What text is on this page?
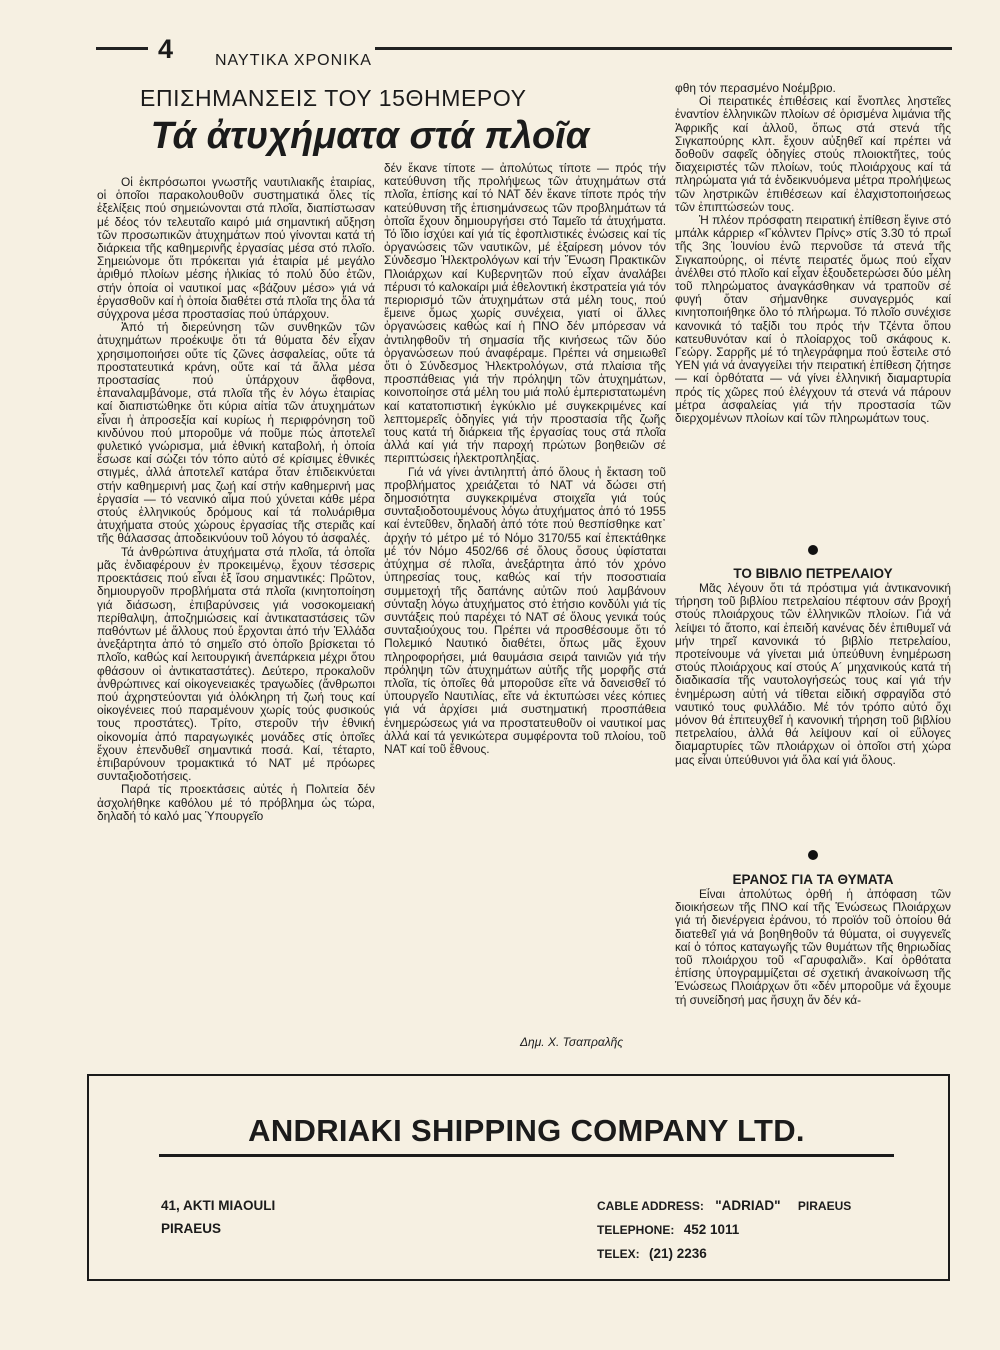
4	ΝΑΥΤΙΚΑ ΧΡΟΝΙΚΑ
ΕΠΙΣΗΜΑΝΣΕΙΣ ΤΟΥ 15ΘΗΜΕΡΟΥ
Τά ἀτυχήματα στά πλοῖα

Οἱ ἐκπρόσωποι γνωστῆς ναυτιλιακῆς ἑταιρίας, οἱ ὁποῖοι παρακολουθοῦν συστηματικά ὅλες τίς ἐξελίξεις πού σημειώνονται στά πλοῖα, διαπίστωσαν μέ δέος τόν τελευταῖο καιρό μιά σημαντική αὔξηση τῶν προσωπικῶν ἀτυχημάτων πού γίνονται κατά τή διάρκεια τῆς καθημερινῆς ἐργασίας μέσα στό πλοῖο. Σημειώνομε ὅτι πρόκειται γιά ἑταιρία μέ μεγάλο ἀριθμό πλοίων μέσης ἡλικίας τό πολύ δύο ἐτῶν, στήν ὁποία οἱ ναυτικοί μας «βάζουν μέσο» γιά νά ἐργασθοῦν καί ἡ ὁποία διαθέτει στά πλοῖα της ὅλα τά σύγχρονα μέσα προστασίας πού ὑπάρχουν.

Ἀπό τή διερεύνηση τῶν συνθηκῶν τῶν ἀτυχημάτων προέκυψε ὅτι τά θύματα δέν εἶχαν χρησιμοποιήσει οὔτε τίς ζῶνες ἀσφαλείας, οὔτε τά προστατευτικά κράνη, οὔτε καί τά ἄλλα μέσα προστασίας πού ὑπάρχουν ἄφθονα, ἐπαναλαμβάνομε, στά πλοῖα τῆς ἐν λόγω ἑταιρίας καί διαπιστώθηκε ὅτι κύρια αἰτία τῶν ἀτυχημάτων εἶναι ἡ ἀπροσεξία καί κυρίως ἡ περιφρόνηση τοῦ κινδύνου πού μποροῦμε νά ποῦμε πώς ἀποτελεῖ φυλετικό γνώρισμα, μιά ἐθνική καταβολή, ἡ ὁποία ἔσωσε καί σώζει τόν τόπο αὐτό σέ κρίσιμες ἐθνικές στιγμές, ἀλλά ἀποτελεῖ κατάρα ὅταν ἐπιδεικνύεται στήν καθημερινή μας ζωή καί στήν καθημερινή μας ἐργασία — τό νεανικό αἷμα πού χύνεται κάθε μέρα στούς ἑλληνικούς δρόμους καί τά πολυάριθμα ἀτυχήματα στούς χώρους ἐργασίας τῆς στεριᾶς καί τῆς θάλασσας ἀποδεικνύουν τοῦ λόγου τό ἀσφαλές.

Τά ἀνθρώπινα ἀτυχήματα στά πλοῖα, τά ὁποῖα μᾶς ἐνδιαφέρουν ἐν προκειμένῳ, ἔχουν τέσσερις προεκτάσεις πού εἶναι ἐξ ἴσου σημαντικές: Πρῶτον, δημιουργοῦν προβλήματα στά πλοῖα (κινητοποίηση γιά διάσωση, ἐπιβαρύνσεις γιά νοσοκομειακή περίθαλψη, ἀποζημιώσεις καί ἀντικαταστάσεις τῶν παθόντων μέ ἄλλους πού ἔρχονται ἀπό τήν Ἑλλάδα ἀνεξάρτητα ἀπό τό σημεῖο στό ὁποῖο βρίσκεται τό πλοῖο, καθώς καί λειτουργική ἀνεπάρκεια μέχρι ὅτου φθάσουν οἱ ἀντικαταστάτες). Δεύτερο, προκαλοῦν ἀνθρώπινες καί οἰκογενειακές τραγωδίες (ἄνθρωποι πού ἀχρηστεύονται γιά ὁλόκληρη τή ζωή τους καί οἰκογένειες πού παραμένουν χωρίς τούς φυσικούς τους προστάτες). Τρίτο, στεροῦν τήν ἐθνική οἰκονομία ἀπό παραγωγικές μονάδες στίς ὁποῖες ἔχουν ἐπενδυθεῖ σημαντικά ποσά. Καί, τέταρτο, ἐπιβαρύνουν τρομακτικά τό ΝΑΤ μέ πρόωρες συνταξιοδοτήσεις.

Παρά τίς προεκτάσεις αὐτές ἡ Πολιτεία δέν ἀσχολήθηκε καθόλου μέ τό πρόβλημα ὡς τώρα, δηλαδή τό καλό μας Ὑπουργεῖο

δέν ἔκανε τίποτε — ἀπολύτως τίποτε — πρός τήν κατεύθυνση τῆς προλήψεως τῶν ἀτυχημάτων στά πλοῖα, ἐπίσης καί τό ΝΑΤ δέν ἔκανε τίποτε πρός τήν κατεύθυνση τῆς ἐπισημάνσεως τῶν προβλημάτων τά ὁποῖα ἔχουν δημιουργήσει στό Ταμεῖο τά ἀτυχήματα. Τό ἴδιο ἰσχύει καί γιά τίς ἐφοπλιστικές ἑνώσεις καί τίς ὀργανώσεις τῶν ναυτικῶν, μέ ἐξαίρεση μόνον τόν Σύνδεσμο Ἠλεκτρολόγων καί τήν Ἕνωση Πρακτικῶν Πλοιάρχων καί Κυβερνητῶν πού εἶχαν ἀναλάβει πέρυσι τό καλοκαίρι μιά ἐθελοντική ἐκστρατεία γιά τόν περιορισμό τῶν ἀτυχημάτων στά μέλη τους, πού ἔμεινε ὅμως χωρίς συνέχεια, γιατί οἱ ἄλλες ὀργανώσεις καθώς καί ἡ ΠΝΟ δέν μπόρεσαν νά ἀντιληφθοῦν τή σημασία τῆς κινήσεως τῶν δύο ὀργανώσεων πού ἀναφέραμε. Πρέπει νά σημειωθεῖ ὅτι ὁ Σύνδεσμος Ἠλεκτρολόγων, στά πλαίσια τῆς προσπάθειας γιά τήν πρόληψη τῶν ἀτυχημάτων, κοινοποίησε στά μέλη του μιά πολύ ἐμπεριστατωμένη καί κατατοπιστική ἐγκύκλιο μέ συγκεκριμένες καί λεπτομερεῖς ὁδηγίες γιά τήν προστασία τῆς ζωῆς τους κατά τή διάρκεια τῆς ἐργασίας τους στά πλοῖα ἀλλά καί γιά τήν παροχή πρώτων βοηθειῶν σέ περιπτώσεις ἠλεκτροπληξίας.

Γιά νά γίνει ἀντιληπτή ἀπό ὅλους ἡ ἔκταση τοῦ προβλήματος χρειάζεται τό ΝΑΤ νά δώσει στή δημοσιότητα συγκεκριμένα στοιχεῖα γιά τούς συνταξιοδοτουμένους λόγω ἀτυχήματος ἀπό τό 1955 καί ἐντεῦθεν, δηλαδή ἀπό τότε πού θεσπίσθηκε κατ᾽ ἀρχήν τό μέτρο μέ τό Νόμο 3170/55 καί ἐπεκτάθηκε μέ τόν Νόμο 4502/66 σέ ὅλους ὅσους ὑφίσταται ἀτύχημα σέ πλοῖα, ἀνεξάρτητα ἀπό τόν χρόνο ὑπηρεσίας τους, καθώς καί τήν ποσοστιαία συμμετοχή τῆς δαπάνης αὐτῶν πού λαμβάνουν σύνταξη λόγω ἀτυχήματος στό ἐτήσιο κονδύλι γιά τίς συντάξεις πού παρέχει τό ΝΑΤ σέ ὅλους γενικά τούς συνταξιούχους του. Πρέπει νά προσθέσουμε ὅτι τό Πολεμικό Ναυτικό διαθέτει, ὅπως μᾶς ἔχουν πληροφορήσει, μιά θαυμάσια σειρά ταινιῶν γιά τήν πρόληψη τῶν ἀτυχημάτων αὐτῆς τῆς μορφῆς στά πλοῖα, τίς ὁποῖες θά μποροῦσε εἴτε νά δανεισθεῖ τό ὑπουργεῖο Ναυτιλίας, εἴτε νά ἐκτυπώσει νέες κόπιες γιά νά ἀρχίσει μιά συστηματική προσπάθεια ἐνημερώσεως γιά να προστατευθοῦν οἱ ναυτικοί μας ἀλλά καί τά γενικώτερα συμφέροντα τοῦ πλοίου, τοῦ ΝΑΤ καί τοῦ ἔθνους.

Δημ. Χ. Τσαπραλῆς

φθη τόν περασμένο Νοέμβριο.

Οἱ πειρατικές ἐπιθέσεις καί ἔνοπλες ληστεῖες ἐναντίον ἑλληνικῶν πλοίων σέ ὁρισμένα λιμάνια τῆς Ἀφρικῆς καί ἀλλοῦ, ὅπως στά στενά τῆς Σιγκαπούρης κλπ. ἔχουν αὐξηθεῖ καί πρέπει νά δοθοῦν σαφεῖς ὁδηγίες στούς πλοιοκτῆτες, τούς διαχειριστές τῶν πλοίων, τούς πλοιάρχους καί τά πληρώματα γιά τά ἐνδεικνυόμενα μέτρα προλήψεως τῶν ληστρικῶν ἐπιθέσεων καί ἐλαχιστοποιήσεως τῶν ἐπιπτώσεών τους.

Ἡ πλέον πρόσφατη πειρατική ἐπίθεση ἔγινε στό μπάλκ κάρριερ «Γκόλντεν Πρίνς» στίς 3.30 τό πρωΐ τῆς 3ης Ἰουνίου ἐνῶ περνοῦσε τά στενά τῆς Σιγκαπούρης, οἱ πέντε πειρατές ὅμως πού εἶχαν ἀνέλθει στό πλοῖο καί εἶχαν ἐξουδετερώσει δύο μέλη τοῦ πληρώματος ἀναγκάσθηκαν νά τραποῦν σέ φυγή ὅταν σήμανθηκε συναγερμός καί κινητοποιήθηκε ὅλο τό πλήρωμα. Τό πλοῖο συνέχισε κανονικά τό ταξίδι του πρός τήν Τζέντα ὅπου κατευθυνόταν καί ὁ πλοίαρχος τοῦ σκάφους κ. Γεώργ. Σαρρῆς μέ τό τηλεγράφημα πού ἔστειλε στό ΥΕΝ γιά νά ἀναγγείλει τήν πειρατική ἐπίθεση ζήτησε — καί ὀρθότατα — νά γίνει ἑλληνική διαμαρτυρία πρός τίς χῶρες πού ἐλέγχουν τά στενά νά πάρουν μέτρα ἀσφαλείας γιά τήν προστασία τῶν διερχομένων πλοίων καί τῶν πληρωμάτων τους.

ΤΟ ΒΙΒΛΙΟ ΠΕΤΡΕΛΑΙΟΥ

Μᾶς λέγουν ὅτι τά πρόστιμα γιά ἀντικανονική τήρηση τοῦ βιβλίου πετρελαίου πέφτουν σάν βροχή στούς πλοιάρχους τῶν ἑλληνικῶν πλοίων. Γιά νά λείψει τό ἄτοπο, καί ἐπειδή κανένας δέν ἐπιθυμεῖ νά μήν τηρεῖ κανονικά τό βιβλίο πετρελαίου, προτείνουμε νά γίνεται μιά ὑπεύθυνη ἐνημέρωση στούς πλοιάρχους καί στούς Α´ μηχανικούς κατά τή διαδικασία τῆς ναυτολογήσεώς τους καί γιά τήν ἐνημέρωση αὐτή νά τίθεται εἰδική σφραγίδα στό ναυτικό τους φυλλάδιο. Μέ τόν τρόπο αὐτό ὄχι μόνον θά ἐπιτευχθεῖ ἡ κανονική τήρηση τοῦ βιβλίου πετρελαίου, ἀλλά θά λείψουν καί οἱ εὔλογες διαμαρτυρίες τῶν πλοιάρχων οἱ ὁποῖοι στή χώρα μας εἶναι ὑπεύθυνοι γιά ὅλα καί γιά ὅλους.

ΕΡΑΝΟΣ ΓΙΑ ΤΑ ΘΥΜΑΤΑ

Εἶναι ἀπολύτως ὀρθή ἡ ἀπόφαση τῶν διοικήσεων τῆς ΠΝΟ καί τῆς Ἑνώσεως Πλοιάρχων γιά τή διενέργεια ἐράνου, τό προϊόν τοῦ ὁποίου θά διατεθεῖ γιά νά βοηθηθοῦν τά θύματα, οἱ συγγενεῖς καί ὁ τόπος καταγωγῆς τῶν θυμάτων τῆς θηριωδίας τοῦ πλοιάρχου τοῦ «Γαρυφαλιᾶ». Καί ὀρθότατα ἐπίσης ὑπογραμμίζεται σέ σχετική ἀνακοίνωση τῆς Ἑνώσεως Πλοιάρχων ὅτι «δέν μποροῦμε νά ἔχουμε τή συνείδησή μας ἥσυχη ἄν δέν κά-

ANDRIAKI SHIPPING COMPANY LTD.
41, AKTI MIAOULI
PIRAEUS
CABLE ADDRESS: "ADRIAD" PIRAEUS
TELEPHONE: 452 1011
TELEX: (21) 2236
